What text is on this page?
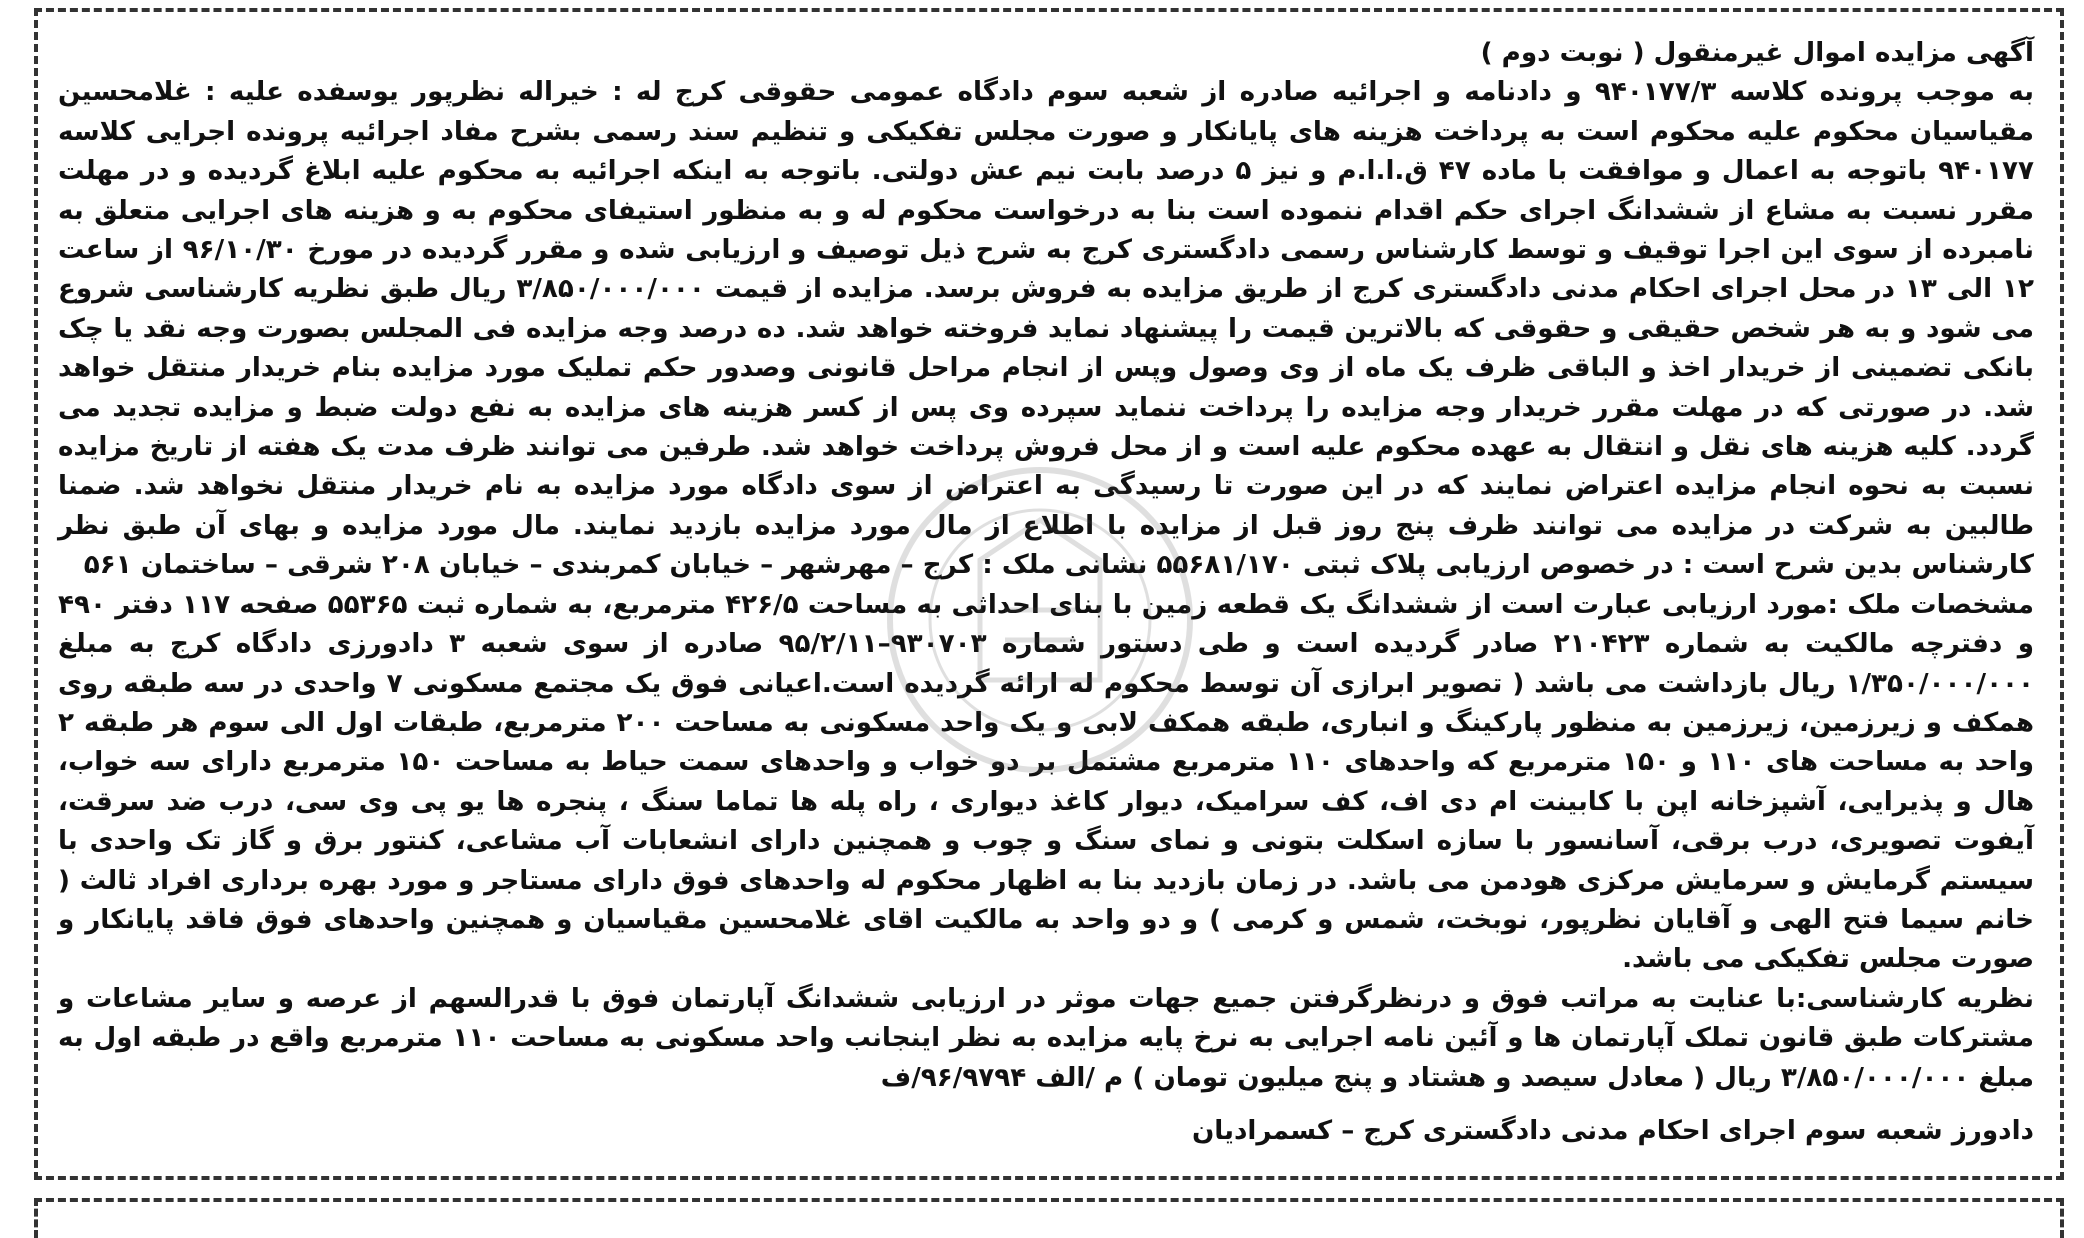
آگهی مزایده اموال غیرمنقول ( نوبت دوم )

به موجب پرونده کلاسه ۹۴۰۱۷۷/۳ و دادنامه و اجرائیه صادره از شعبه سوم دادگاه عمومی حقوقی کرج له : خیراله نظرپور یوسفده علیه : غلامحسین مقیاسیان محکوم علیه محکوم است به پرداخت هزینه های پایانکار و صورت مجلس تفکیکی و تنظیم سند رسمی بشرح مفاد اجرائیه پرونده اجرایی کلاسه ۹۴۰۱۷۷ باتوجه به اعمال و موافقت با ماده ۴۷ ق.ا.ا.م و نیز ۵ درصد بابت نیم عش دولتی. باتوجه به اینکه اجرائیه به محکوم علیه ابلاغ گردیده و در مهلت مقرر نسبت به مشاع از ششدانگ اجرای حکم اقدام ننموده است بنا به درخواست محکوم له و به منظور استیفای محکوم به و هزینه های اجرایی متعلق به نامبرده از سوی این اجرا توقیف و توسط کارشناس رسمی دادگستری کرج به شرح ذیل توصیف و ارزیابی شده و مقرر گردیده در مورخ ۹۶/۱۰/۳۰ از ساعت ۱۲ الی ۱۳ در محل اجرای احکام مدنی دادگستری کرج از طریق مزایده به فروش برسد. مزایده از قیمت ۳/۸۵۰/۰۰۰/۰۰۰ ریال طبق نظریه کارشناسی شروع می شود و به هر شخص حقیقی و حقوقی که بالاترین قیمت را پیشنهاد نماید فروخته خواهد شد. ده درصد وجه مزایده فی المجلس بصورت وجه نقد یا چک بانکی تضمینی از خریدار اخذ و الباقی ظرف یک ماه از وی وصول وپس از انجام مراحل قانونی وصدور حکم تملیک مورد مزایده بنام خریدار منتقل خواهد شد. در صورتی که در مهلت مقرر خریدار وجه مزایده را پرداخت ننماید سپرده وی پس از کسر هزینه های مزایده به نفع دولت ضبط و مزایده تجدید می گردد. کلیه هزینه های نقل و انتقال به عهده محکوم علیه است و از محل فروش پرداخت خواهد شد. طرفین می توانند ظرف مدت یک هفته از تاریخ مزایده نسبت به نحوه انجام مزایده اعتراض نمایند که در این صورت تا رسیدگی به اعتراض از سوی دادگاه مورد مزایده به نام خریدار منتقل نخواهد شد. ضمنا طالبین به شرکت در مزایده می توانند ظرف پنج روز قبل از مزایده با اطلاع از مال مورد مزایده بازدید نمایند. مال مورد مزایده و بهای آن طبق نظر کارشناس بدین شرح است : در خصوص ارزیابی پلاک ثبتی ۵۵۶۸۱/۱۷۰ نشانی ملک : کرج – مهرشهر – خیابان کمربندی – خیابان ۲۰۸ شرقی – ساختمان ۵۶۱

مشخصات ملک :مورد ارزیابی عبارت است از ششدانگ یک قطعه زمین با بنای احداثی به مساحت ۴۲۶/۵ مترمربع، به شماره ثبت ۵۵۳۶۵ صفحه ۱۱۷ دفتر ۴۹۰ و دفترچه مالکیت به شماره ۲۱۰۴۲۳ صادر گردیده است و طی دستور شماره ۹۳۰۷۰۳–۹۵/۲/۱۱ صادره از سوی شعبه ۳ دادورزی دادگاه کرج به مبلغ ۱/۳۵۰/۰۰۰/۰۰۰ ریال بازداشت می باشد ( تصویر ابرازی آن توسط محکوم له ارائه گردیده است.اعیانی فوق یک مجتمع مسکونی ۷ واحدی در سه طبقه روی همکف و زیرزمین، زیرزمین به منظور پارکینگ و انباری، طبقه همکف لابی و یک واحد مسکونی به مساحت ۲۰۰ مترمربع، طبقات اول الی سوم هر طبقه ۲ واحد به مساحت های ۱۱۰ و ۱۵۰ مترمربع که واحدهای ۱۱۰ مترمربع مشتمل بر دو خواب و واحدهای سمت حیاط به مساحت ۱۵۰ مترمربع دارای سه خواب، هال و پذیرایی، آشپزخانه اپن با کابینت ام دی اف، کف سرامیک، دیوار کاغذ دیواری ، راه پله ها تماما سنگ ، پنجره ها یو پی وی سی، درب ضد سرقت، آیفوت تصویری، درب برقی، آسانسور با سازه اسکلت بتونی و نمای سنگ و چوب و همچنین دارای انشعابات آب مشاعی، کنتور برق و گاز تک واحدی با سیستم گرمایش و سرمایش مرکزی هودمن می باشد. در زمان بازدید بنا به اظهار محکوم له واحدهای فوق دارای مستاجر و مورد بهره برداری افراد ثالث ( خانم سیما فتح الهی و آقایان نظرپور، نوبخت، شمس و کرمی ) و دو واحد به مالکیت اقای غلامحسین مقیاسیان و همچنین واحدهای فوق فاقد پایانکار و صورت مجلس تفکیکی می باشد.

نظریه کارشناسی:با عنایت به مراتب فوق و درنظرگرفتن جمیع جهات موثر در ارزیابی ششدانگ آپارتمان فوق با قدرالسهم از عرصه و سایر مشاعات و مشترکات طبق قانون تملک آپارتمان ها و آئین نامه اجرایی به نرخ پایه مزایده به نظر اینجانب واحد مسکونی به مساحت ۱۱۰ مترمربع واقع در طبقه اول به مبلغ ۳/۸۵۰/۰۰۰/۰۰۰ ریال ( معادل سیصد و هشتاد و پنج میلیون تومان ) م /الف ۹۶/۹۷۹۴/ف

دادورز شعبه سوم اجرای احکام مدنی دادگستری کرج – کسمرادیان
